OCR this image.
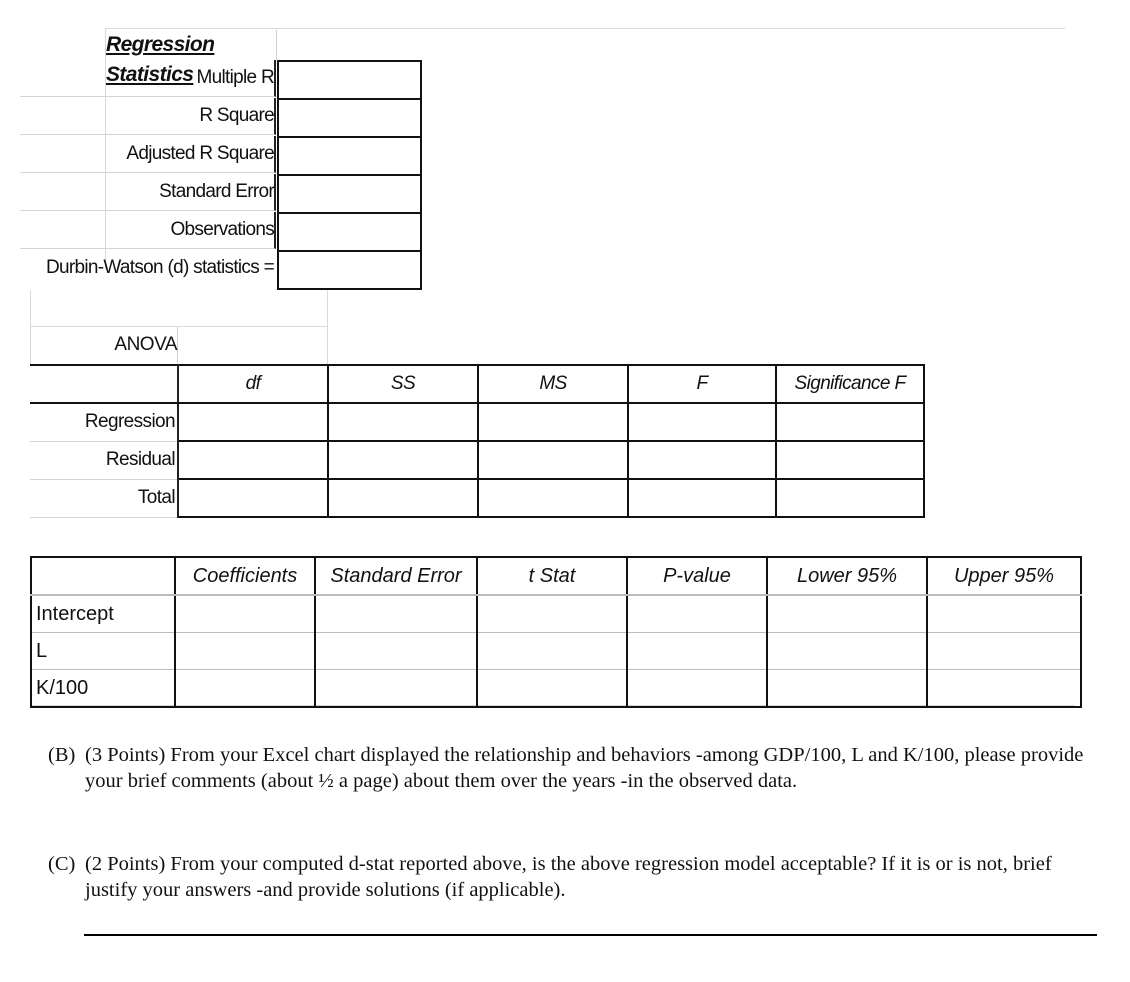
Regression Statistics Multiple R
R Square
Adjusted R Square
Standard Error
Observations
Durbin-Watson (d) statistics =
ANOVA
	df	SS	MS	F	Significance F
Regression					
Residual					
Total					
	Coefficients	Standard Error	t Stat	P-value	Lower 95%	Upper 95%
Intercept						
L						
K/100						
(B) (3 Points) From your Excel chart displayed the relationship and behaviors -among GDP/100, L and K/100, please provide your brief comments (about ½ a page) about them over the years -in the observed data.
(C) (2 Points) From your computed d-stat reported above, is the above regression model acceptable? If it is or is not, brief justify your answers -and provide solutions (if applicable).
